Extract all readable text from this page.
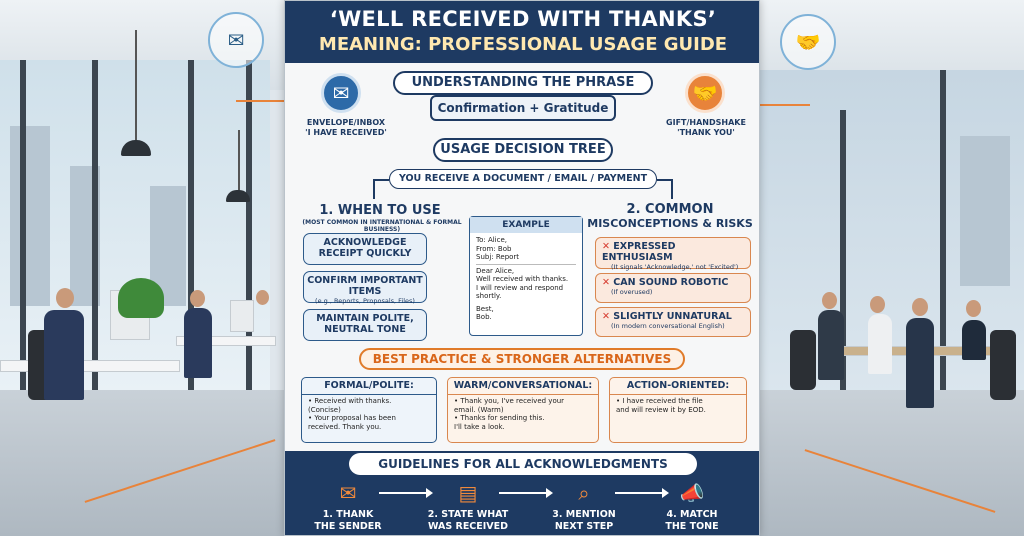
✉	🤝
‘WELL RECEIVED WITH THANKS’
MEANING: PROFESSIONAL USAGE GUIDE
✉
ENVELOPE/INBOX
'I HAVE RECEIVED'
UNDERSTANDING THE PHRASE
Confirmation + Gratitude
🤝
GIFT/HANDSHAKE
'THANK YOU'
USAGE DECISION TREE
YOU RECEIVE A DOCUMENT / EMAIL / PAYMENT
1. WHEN TO USE
(MOST COMMON IN INTERNATIONAL & FORMAL BUSINESS)
ACKNOWLEDGE RECEIPT QUICKLY
CONFIRM IMPORTANT ITEMS
(e.g., Reports, Proposals, Files)
MAINTAIN POLITE, NEUTRAL TONE
EXAMPLE
To: Alice,
From: Bob
Subj: Report
Dear Alice,
Well received with thanks.
I will review and respond
shortly.
Best,
Bob.
2. COMMON
MISCONCEPTIONS & RISKS
✕ EXPRESSED ENTHUSIASM
(It signals 'Acknowledge,' not 'Excited')
✕ CAN SOUND ROBOTIC
(If overused)
✕ SLIGHTLY UNNATURAL
(In modern conversational English)
BEST PRACTICE & STRONGER ALTERNATIVES
FORMAL/POLITE:
• Received with thanks.
(Concise)
• Your proposal has been
received. Thank you.
WARM/CONVERSATIONAL:
• Thank you, I've received your
email. (Warm)
• Thanks for sending this.
I'll take a look.
ACTION-ORIENTED:
• I have received the file
and will review it by EOD.
GUIDELINES FOR ALL ACKNOWLEDGMENTS
✉	▤	⌕	📣
1. THANK
THE SENDER
2. STATE WHAT
WAS RECEIVED
3. MENTION
NEXT STEP
4. MATCH
THE TONE
